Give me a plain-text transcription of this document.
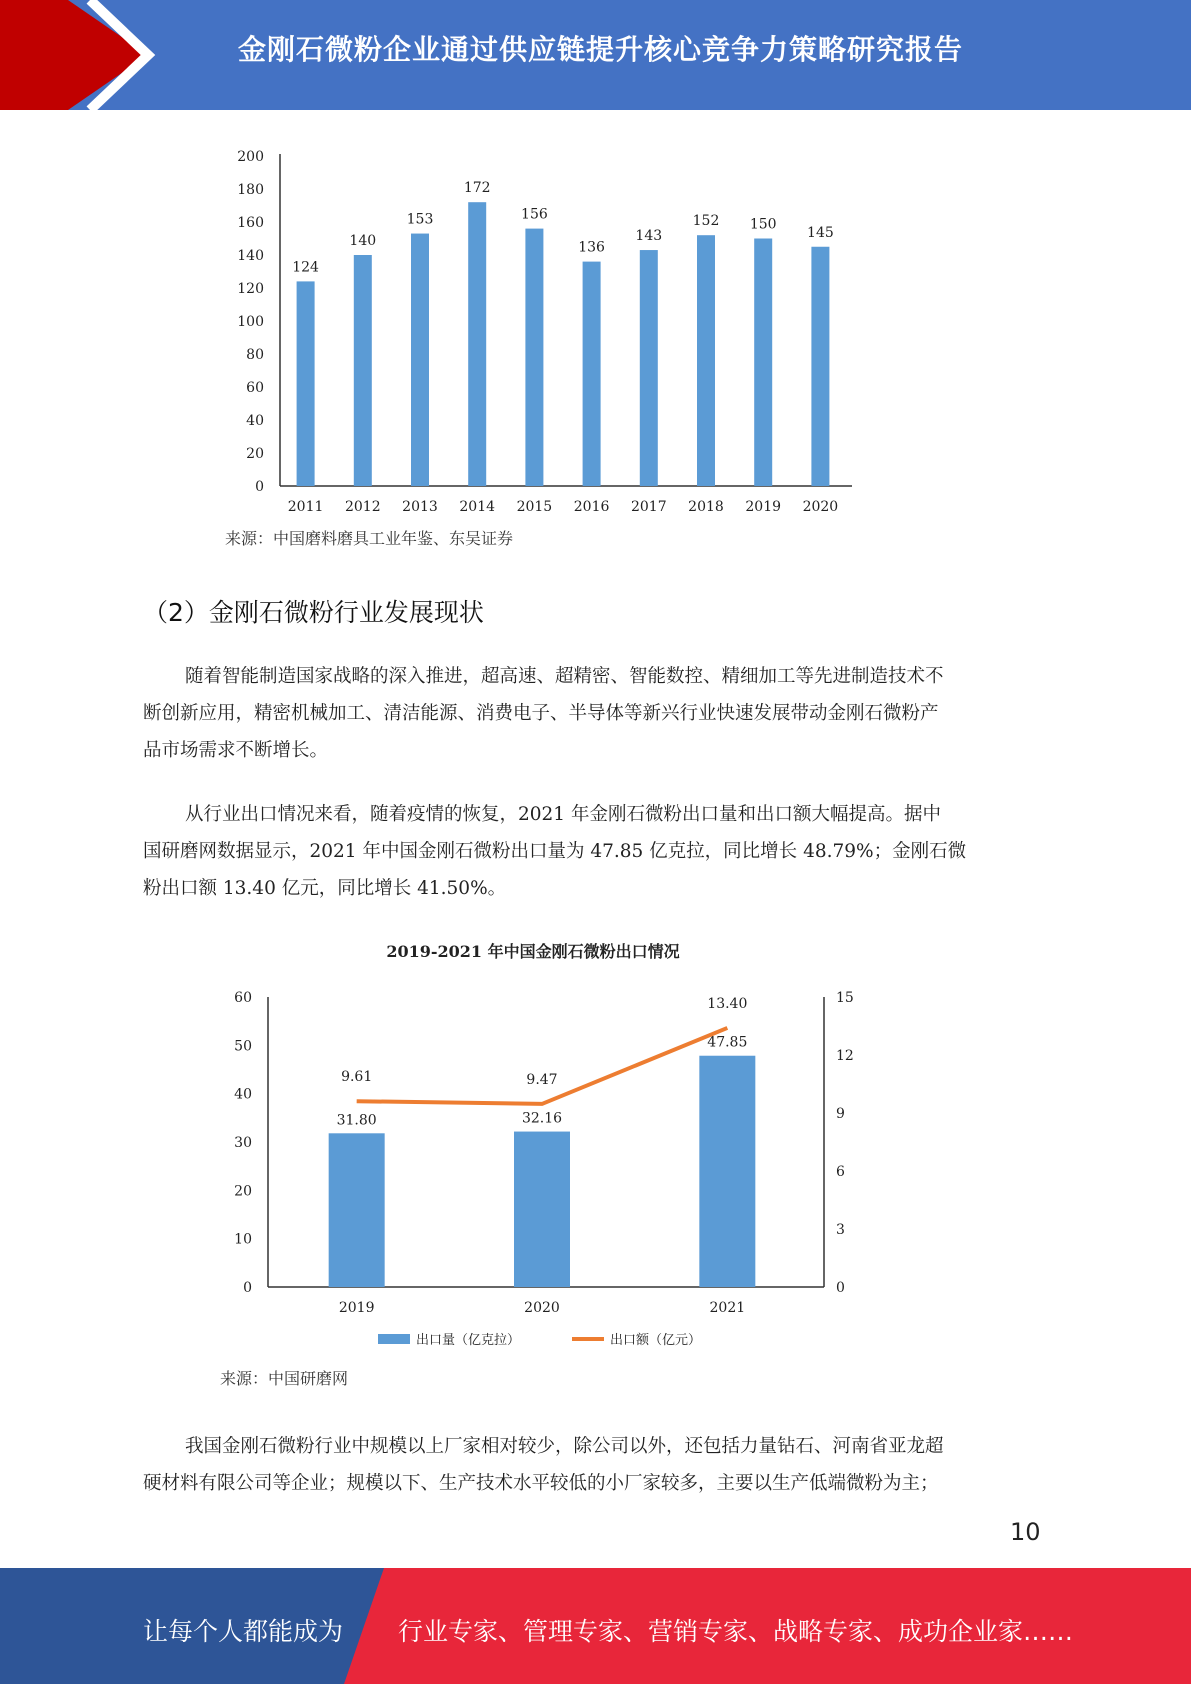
金刚石微粉企业通过供应链提升核心竞争力策略研究报告
0
20
40
60
80
100
120
140
160
180
200
124
2011
140
2012
153
2013
172
2014
156
2015
136
2016
143
2017
152
2018
150
2019
145
2020
来源：中国磨料磨具工业年鉴、东吴证券
（2）金刚石微粉行业发展现状
随着智能制造国家战略的深入推进，超高速、超精密、智能数控、精细加工等先进制造技术不
断创新应用，精密机械加工、清洁能源、消费电子、半导体等新兴行业快速发展带动金刚石微粉产
品市场需求不断增长。
从行业出口情况来看，随着疫情的恢复，2021 年金刚石微粉出口量和出口额大幅提高。据中
国研磨网数据显示，2021 年中国金刚石微粉出口量为 47.85 亿克拉，同比增长 48.79%；金刚石微
粉出口额 13.40 亿元，同比增长 41.50%。
2019-2021 年中国金刚石微粉出口情况
0
10
20
30
40
50
60
0
3
6
9
12
15
31.80
2019
32.16
2020
47.85
2021
9.61	9.47
13.40
出口量（亿克拉）	出口额（亿元）
来源：中国研磨网
我国金刚石微粉行业中规模以上厂家相对较少，除公司以外，还包括力量钻石、河南省亚龙超
硬材料有限公司等企业；规模以下、生产技术水平较低的小厂家较多，主要以生产低端微粉为主；
10
让每个人都能成为 行业专家、管理专家、营销专家、战略专家、成功企业家……
